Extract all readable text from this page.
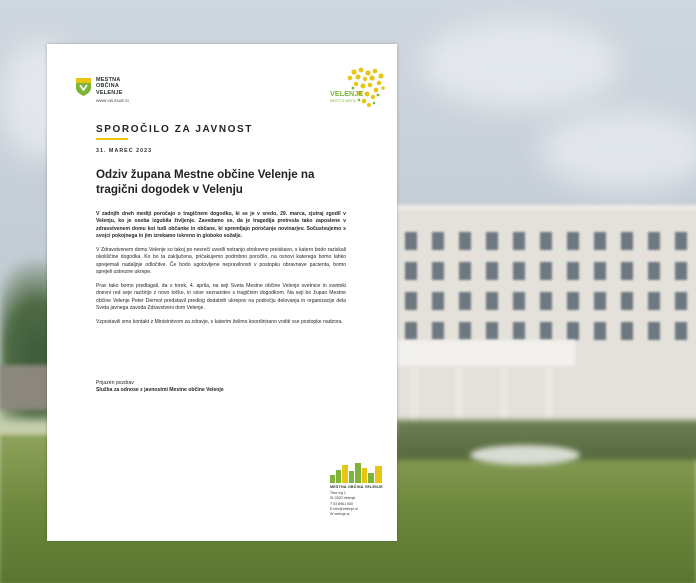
MESTNA
OBČINA
VELENJE
WWW.VELENJE.SI
VELENJE
MESTO & MESTA
SPOROČILO ZA JAVNOST
31. MAREC 2023
Odziv župana Mestne občine Velenje na tragični dogodek v Velenju

V zadnjih dneh mediji poročajo o tragičnem dogodku, ki se je v sredo, 29. marca, zjutraj zgodil v Velenju, ko je oseba izgubila življenje. Zavedamo se, da je tragedija pretresla tako zaposlene v zdravstvenem domu kot tudi občanke in občane, ki spremljajo poročanje novinarjev. Sočustvujemo s svojci pokojnega in jim izrekamo iskreno in globoko sožalje.

V Zdravstvenem domu Velenje so takoj po nesreči uvedli notranjo strokovno preiskavo, s katero bodo raziskali okoliščine dogodka. Ko bo ta zaključena, pričakujemo podrobno poročilo, na osnovi katerega bomo lahko sprejemali nadaljnje odločitve. Če bodo ugotovljene nepravilnosti v postopku obravnave pacienta, bomo sprejeli ustrezne ukrepe.

Prav tako bomo predlagali, da v torek, 4. aprila, na seji Sveta Mestne občine Velenje svetnice in svetniki dnevni red seje razširijo z novo točko, in sicer seznanitev s tragičnim dogodkom. Na seji bo župan Mestne občine Velenje Peter Dermol predstavil predlog dodatnih ukrepov na področju delovanja in organizacije dela Sveta javnega zavoda Zdravstveni dom Velenje.

Vzpostavili smo kontakt z Ministrstvom za zdravje, s katerim želimo koordinirano voditi vse postopke nadzora.

Prijazen pozdrav
Služba za odnose z javnostmi Mestne občine Velenje
MESTNA OBČINA VELENJE
Titov trg 1
SI-3320 Velenje
T 03 8961 600
E info@velenje.si
W velenje.si
